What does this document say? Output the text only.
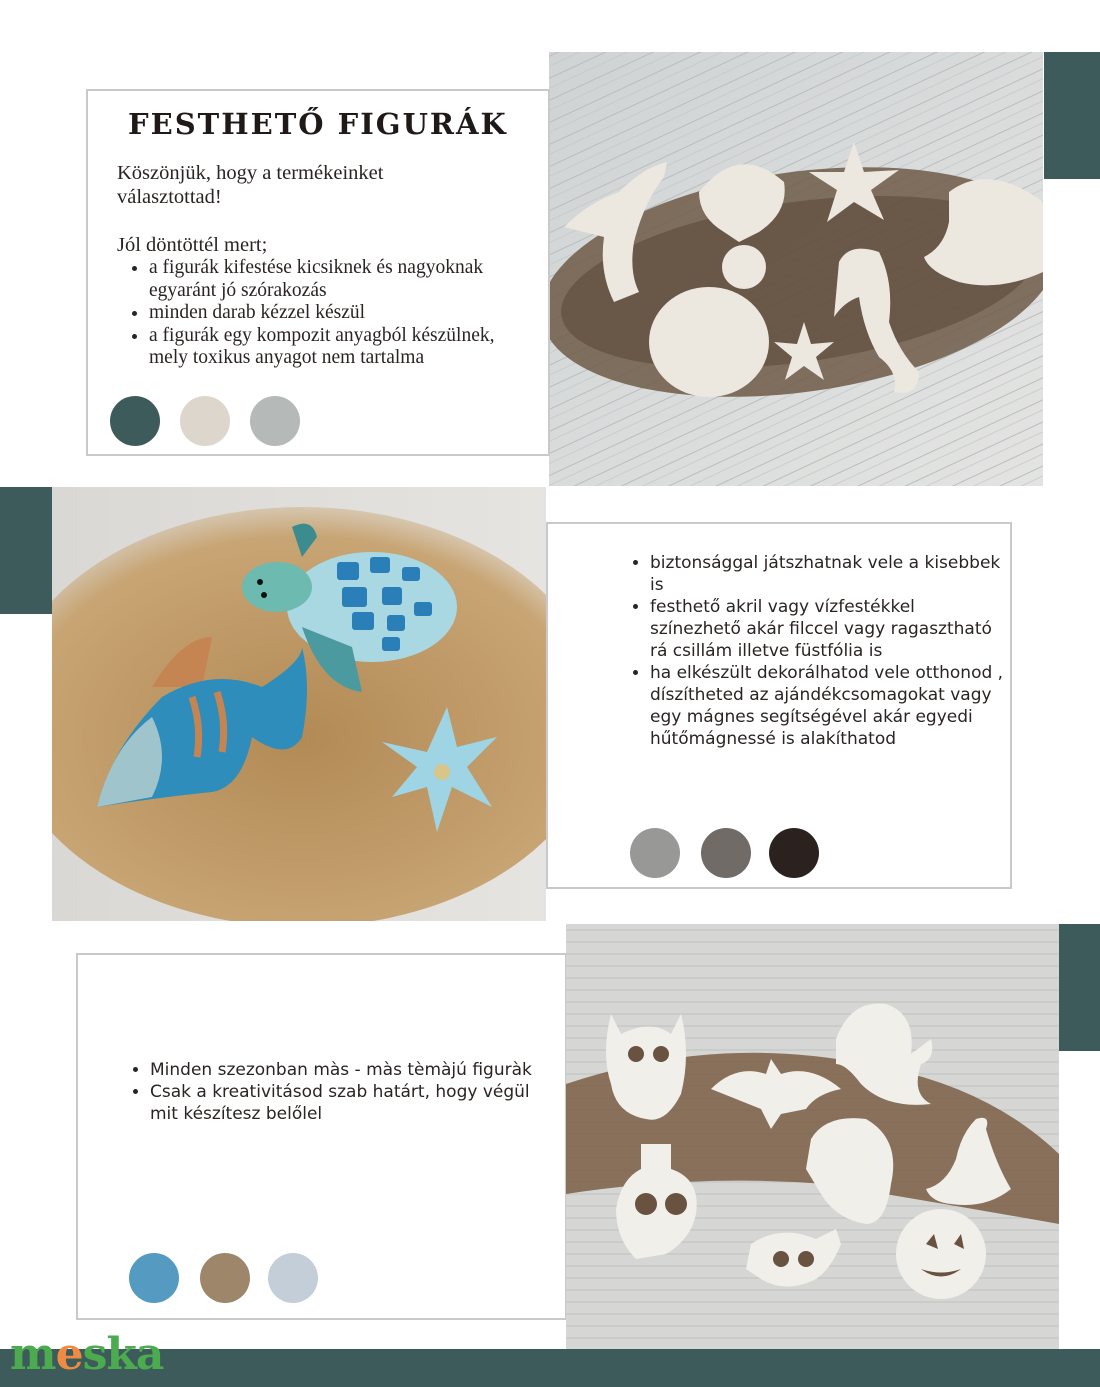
FESTHETŐ FIGURÁK

Köszönjük, hogy a termékeinket

választottad!

Jól döntöttél mert;

• a figurák kifestése kicsiknek és nagyoknak egyaránt jó szórakozás
• minden darab kézzel készül
• a figurák egy kompozit anyagból készülnek, mely toxikus anyagot nem tartalma
• biztonsággal játszhatnak vele a kisebbek is
• festhető akril vagy vízfestékkel színezhető akár filccel vagy ragasztható rá csillám illetve füstfólia is
• ha elkészült dekorálhatod vele otthonod , díszítheted az ajándékcsomagokat vagy egy mágnes segítségével akár egyedi hűtőmágnessé is alakíthatod
• Minden szezonban màs - màs tèmàjú figuràk
• Csak a kreativitásod szab határt, hogy végül mit készítesz belőlel
meska
